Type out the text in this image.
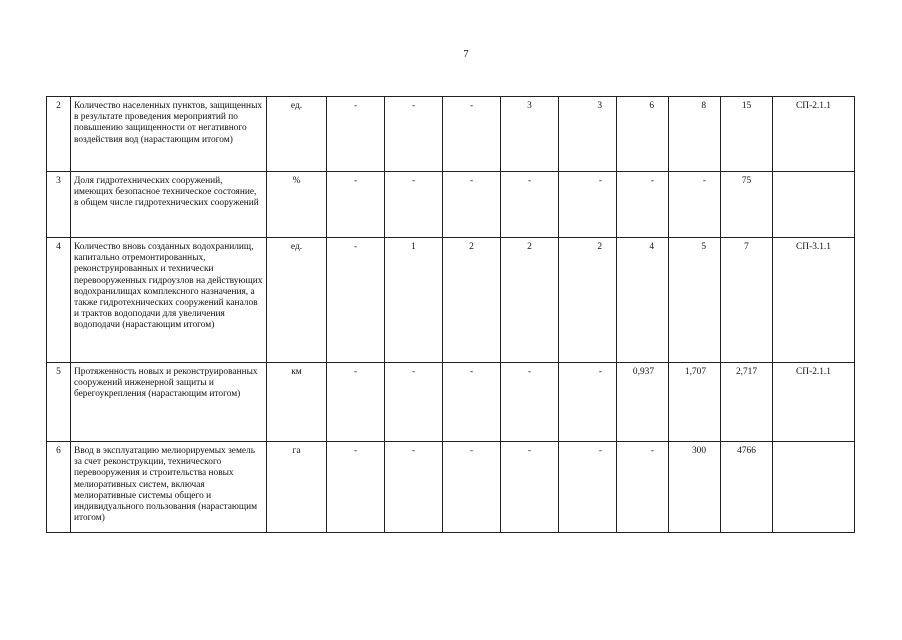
7
2	Количество населенных пунктов, защищенных в результате проведения мероприятий по повышению защищенности от негативного воздействия вод (нарастающим итогом)	ед.	-	-	-	3	3	6	8	15	СП-2.1.1
3	Доля гидротехнических сооружений, имеющих безопасное техническое состояние, в общем числе гидротехнических сооружений	%	-	-	-	-	-	-	-	75	
4	Количество вновь созданных водохранилищ, капитально отремонтированных, реконструированных и технически перевооруженных гидроузлов на действующих водохранилищах комплексного назначения, а также гидротехнических сооружений каналов и трактов водоподачи для увеличения водоподачи (нарастающим итогом)	ед.	-	1	2	2	2	4	5	7	СП-3.1.1
5	Протяженность новых и реконструированных сооружений инженерной защиты и берегоукрепления (нарастающим итогом)	км	-	-	-	-	-	0,937	1,707	2,717	СП-2.1.1
6	Ввод в эксплуатацию мелиорируемых земель за счет реконструкции, технического перевооружения и строительства новых мелиоративных систем, включая мелиоративные системы общего и индивидуального пользования (нарастающим итогом)	га	-	-	-	-	-	-	300	4766	
